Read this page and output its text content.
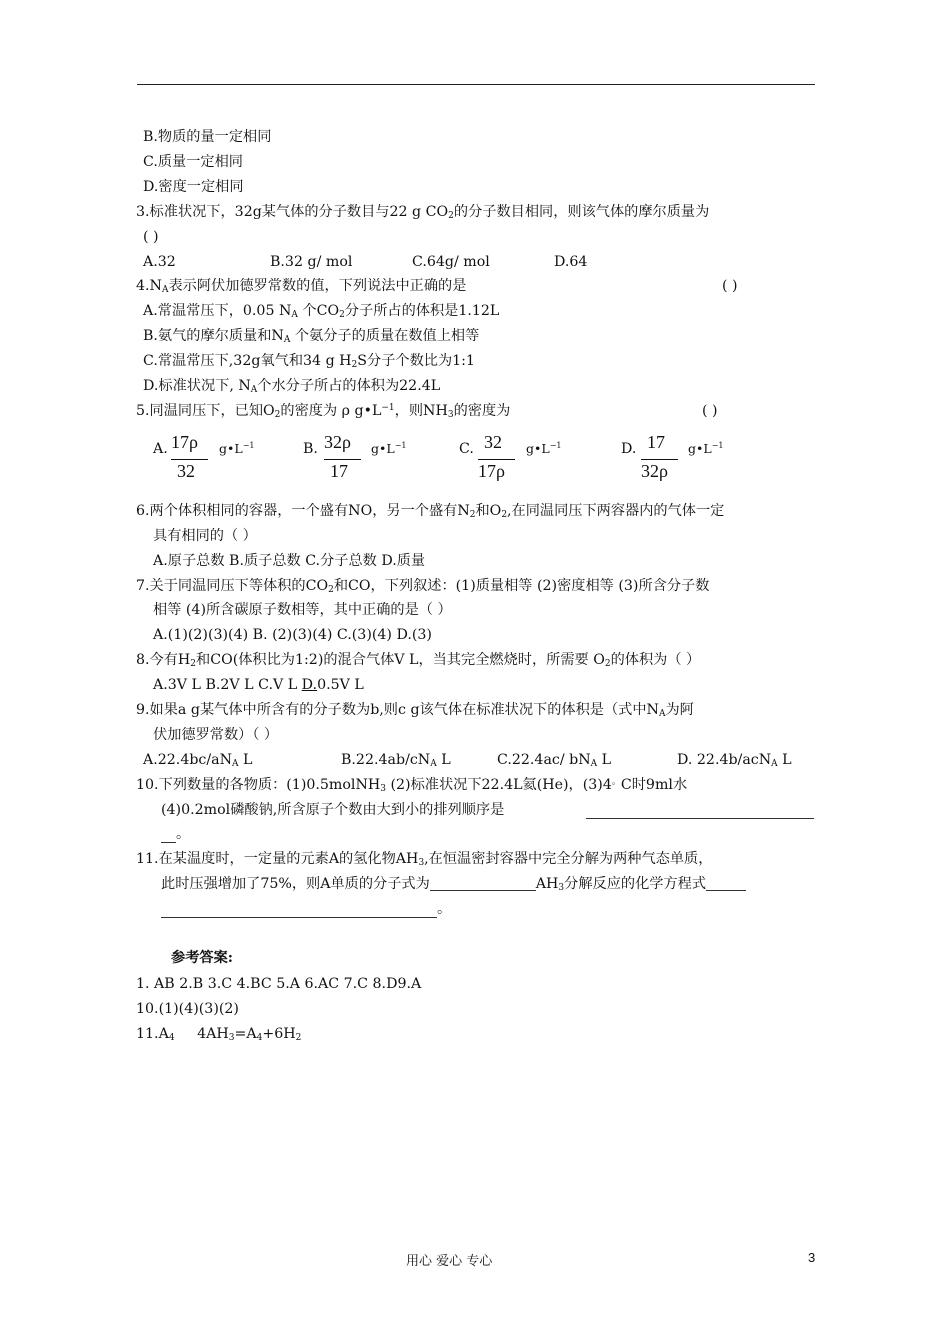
B.物质的量一定相同
C.质量一定相同
D.密度一定相同
3.标准状况下，32g某气体的分子数目与22 g $CO_2$的分子数目相同，则该气体的摩尔质量为
( )
A.32	B.32 g/ mol	C.64g/ mol	D.64
$4.N_A$表示阿伏加德罗常数的值，下列说法中正确的是	( )
A.常温常压下，0.05 $N_A$ 个$CO_2$分子所占的体积是1.12L
B.氨气的摩尔质量和$N_A$ 个氨分子的质量在数值上相等
C.常温常压下,32g氧气和34 g $H_2S$分子个数比为1:1
D.标准状况下, $N_A$个水分子所占的体积为22.4L
5.同温同压下，已知$O_2$的密度为 ρ $g•L^{-1}$，则$NH_3$的密度为	( )
A. 17ρ
32
$g•L^{-1}$	B. 32ρ
17
$g•L^{-1}$	C. 32
17ρ
$g•L^{-1}$	D. 17
32ρ
$g•L^{-1}$
6.两个体积相同的容器，一个盛有NO，另一个盛有$N_2$和$O_2$,在同温同压下两容器内的气体一定
具有相同的（ ）
A.原子总数 B.质子总数 C.分子总数 D.质量
7.关于同温同压下等体积的$CO_2$和CO，下列叙述：(1)质量相等 (2)密度相等 (3)所含分子数
相等 (4)所含碳原子数相等，其中正确的是（ ）
A.(1)(2)(3)(4) B. (2)(3)(4) C.(3)(4) D.(3)
8.今有$H_2$和CO(体积比为1:2)的混合气体V L，当其完全燃烧时，所需要 $O_2$的体积为（ ）
A.3V L B.2V L C.V L D.0.5V L
9.如果a g某气体中所含有的分子数为b,则c g该气体在标准状况下的体积是（式中$N_A$为阿
伏加德罗常数）（ ）
$A.22.4bc/aN_A$ L	$B.22.4ab/cN_A$ L	C.22.4ac/ $bN_A$ L	D. 22.4b/acN$_A$ L
10.下列数量的各物质：(1)0.5molNH$_3$ (2)标准状况下22.4L氦(He)，(3)4。C时9ml水
(4)0.2mol磷酸钠,所含原子个数由大到小的排列顺序是
。
11.在某温度时，一定量的元素A的氢化物$AH_3$,在恒温密封容器中完全分解为两种气态单质，
此时压强增加了75%，则A单质的分子式为	$AH_3$分解反应的化学方程式
。
参考答案:
1. AB 2.B 3.C 4.BC 5.A 6.AC 7.C 8.D9.A
10.(1)(4)(3)(2)
$11.A_4$     $4AH_3=A_4+6H_2$
用心 爱心 专心	3
